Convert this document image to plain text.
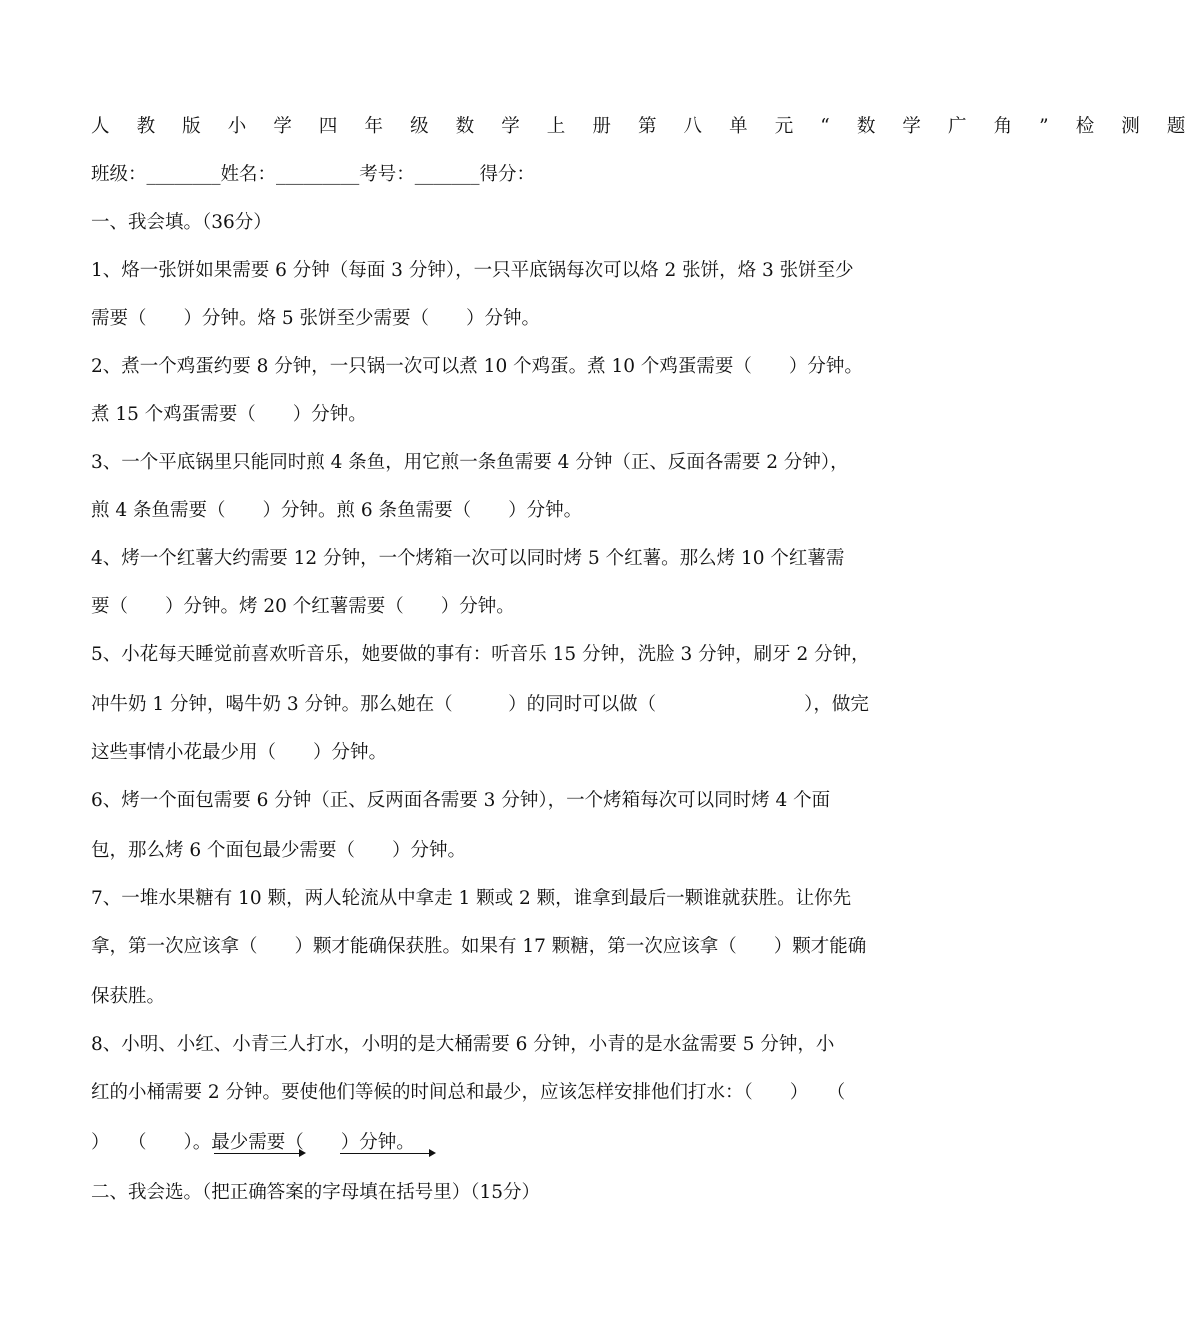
人 教 版 小 学 四 年 级 数 学 上 册 第 八 单 元 “ 数 学 广 角 ” 检 测 题
班级：________姓名：_________考号：_______得分：
一、我会填。（36分）
1、烙一张饼如果需要 6 分钟（每面 3 分钟），一只平底锅每次可以烙 2 张饼，烙 3 张饼至少
需要（　　）分钟。烙 5 张饼至少需要（　　）分钟。
2、煮一个鸡蛋约要 8 分钟，一只锅一次可以煮 10 个鸡蛋。煮 10 个鸡蛋需要（　　）分钟。
煮 15 个鸡蛋需要（　　）分钟。
3、一个平底锅里只能同时煎 4 条鱼，用它煎一条鱼需要 4 分钟（正、反面各需要 2 分钟），
煎 4 条鱼需要（　　）分钟。煎 6 条鱼需要（　　）分钟。
4、烤一个红薯大约需要 12 分钟，一个烤箱一次可以同时烤 5 个红薯。那么烤 10 个红薯需
要（　　）分钟。烤 20 个红薯需要（　　）分钟。
5、小花每天睡觉前喜欢听音乐，她要做的事有：听音乐 15 分钟，洗脸 3 分钟，刷牙 2 分钟，
冲牛奶 1 分钟，喝牛奶 3 分钟。那么她在（　　　）的同时可以做（　　　　　　　　），做完
这些事情小花最少用（　　）分钟。
6、烤一个面包需要 6 分钟（正、反两面各需要 3 分钟），一个烤箱每次可以同时烤 4 个面
包，那么烤 6 个面包最少需要（　　）分钟。
7、一堆水果糖有 10 颗，两人轮流从中拿走 1 颗或 2 颗，谁拿到最后一颗谁就获胜。让你先
拿，第一次应该拿（　　）颗才能确保获胜。如果有 17 颗糖，第一次应该拿（　　）颗才能确
保获胜。
8、小明、小红、小青三人打水，小明的是大桶需要 6 分钟，小青的是水盆需要 5 分钟，小
红的小桶需要 2 分钟。要使他们等候的时间总和最少，应该怎样安排他们打水：（　　）　　（
）　　（　　）。最少需要（　　）分钟。
二、我会选。（把正确答案的字母填在括号里）（15分）
